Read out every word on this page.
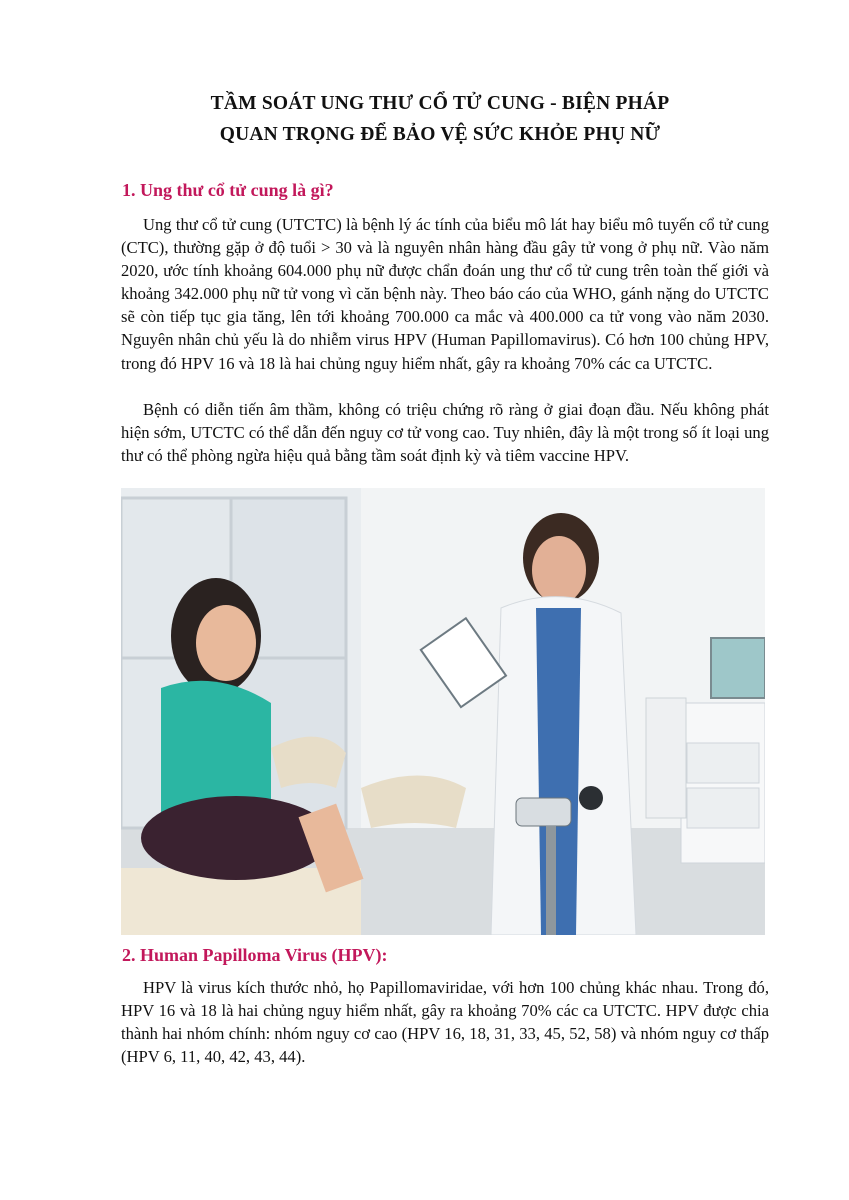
TẦM SOÁT UNG THƯ CỔ TỬ CUNG - BIỆN PHÁP
QUAN TRỌNG ĐỂ BẢO VỆ SỨC KHỎE PHỤ NỮ
1. Ung thư cổ tử cung là gì?

Ung thư cổ tử cung (UTCTC) là bệnh lý ác tính của biểu mô lát hay biểu mô tuyến cổ tử cung (CTC), thường gặp ở độ tuổi > 30 và là nguyên nhân hàng đầu gây tử vong ở phụ nữ. Vào năm 2020, ước tính khoảng 604.000 phụ nữ được chẩn đoán ung thư cổ tử cung trên toàn thế giới và khoảng 342.000 phụ nữ tử vong vì căn bệnh này. Theo báo cáo của WHO, gánh nặng do UTCTC sẽ còn tiếp tục gia tăng, lên tới khoảng 700.000 ca mắc và 400.000 ca tử vong vào năm 2030. Nguyên nhân chủ yếu là do nhiễm virus HPV (Human Papillomavirus). Có hơn 100 chủng HPV, trong đó HPV 16 và 18 là hai chủng nguy hiểm nhất, gây ra khoảng 70% các ca UTCTC.

Bệnh có diễn tiến âm thầm, không có triệu chứng rõ ràng ở giai đoạn đầu. Nếu không phát hiện sớm, UTCTC có thể dẫn đến nguy cơ tử vong cao. Tuy nhiên, đây là một trong số ít loại ung thư có thể phòng ngừa hiệu quả bằng tầm soát định kỳ và tiêm vaccine HPV.

2. Human Papilloma Virus (HPV):

HPV là virus kích thước nhỏ, họ Papillomaviridae, với hơn 100 chủng khác nhau. Trong đó, HPV 16 và 18 là hai chủng nguy hiểm nhất, gây ra khoảng 70% các ca UTCTC. HPV được chia thành hai nhóm chính: nhóm nguy cơ cao (HPV 16, 18, 31, 33, 45, 52, 58) và nhóm nguy cơ thấp (HPV 6, 11, 40, 42, 43, 44).
